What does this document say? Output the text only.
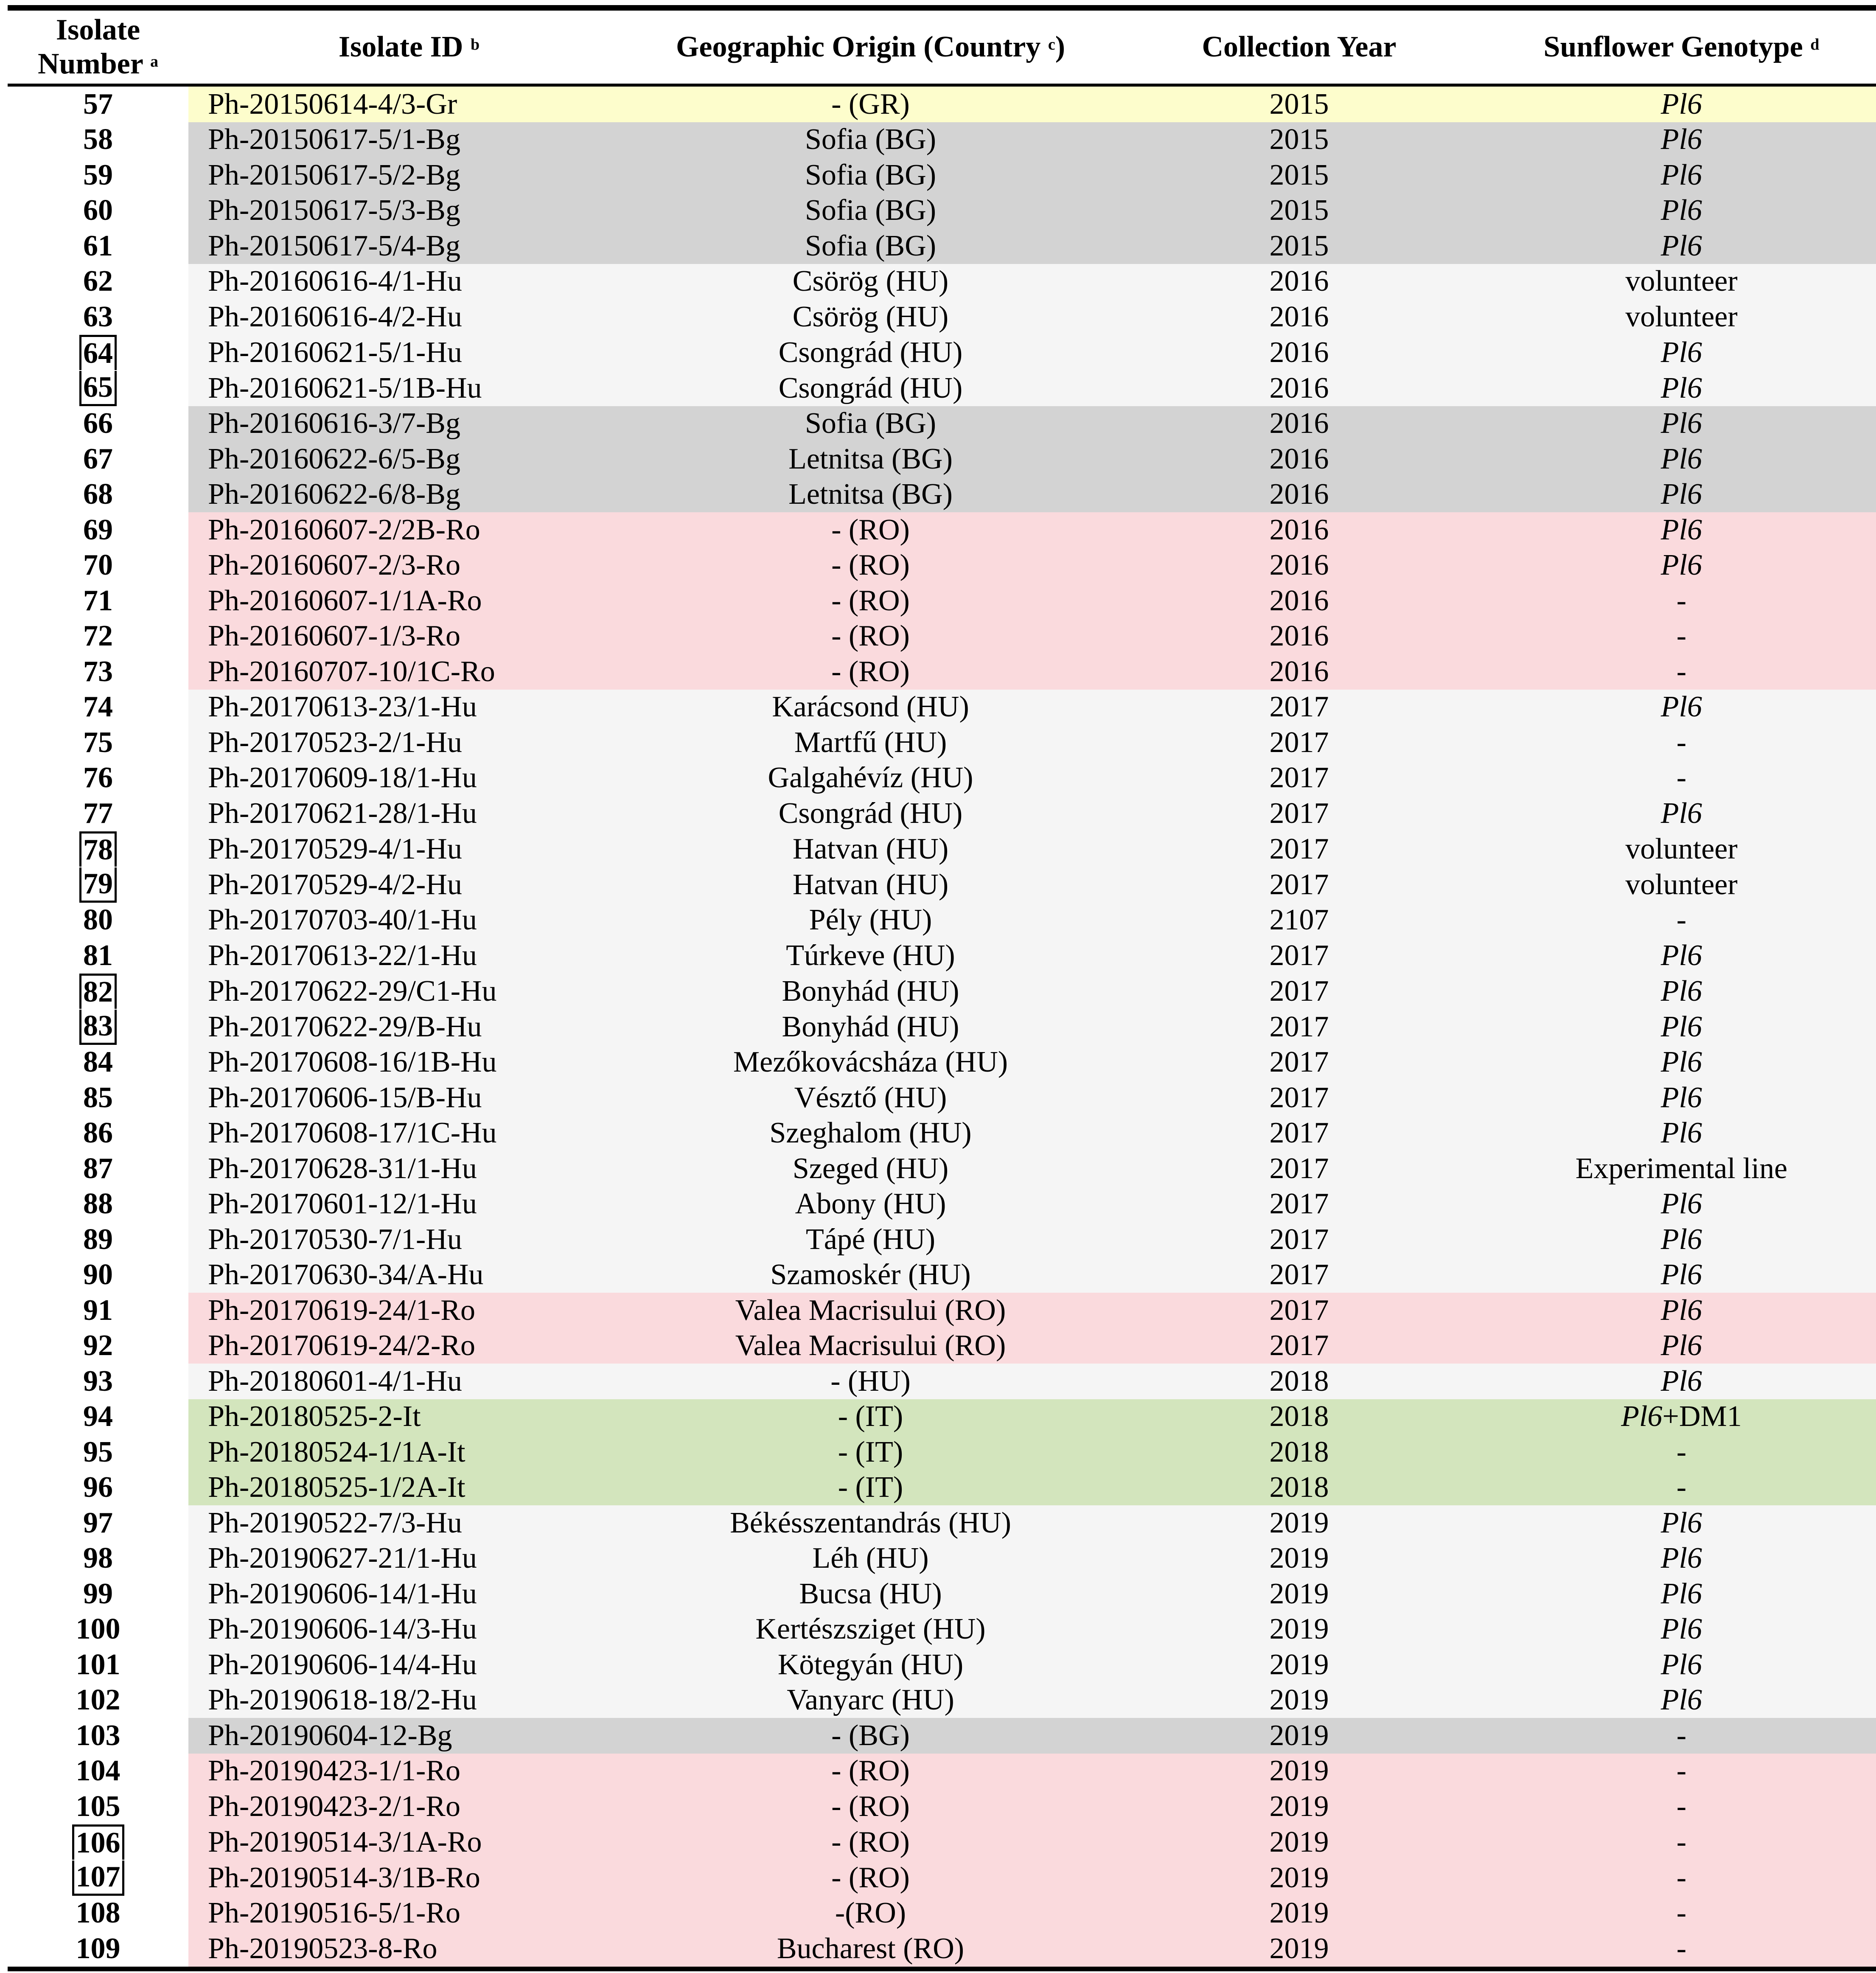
Isolate Number $^a$	Isolate ID $^b$	Geographic Origin (Country $^c$)	Collection Year	Sunflower Genotype $^d$
57	Ph-20150614-4/3-Gr	- (GR)	2015	Pl6
58	Ph-20150617-5/1-Bg	Sofia (BG)	2015	Pl6
59	Ph-20150617-5/2-Bg	Sofia (BG)	2015	Pl6
60	Ph-20150617-5/3-Bg	Sofia (BG)	2015	Pl6
61	Ph-20150617-5/4-Bg	Sofia (BG)	2015	Pl6
62	Ph-20160616-4/1-Hu	Csörög (HU)	2016	volunteer
63	Ph-20160616-4/2-Hu	Csörög (HU)	2016	volunteer
64	Ph-20160621-5/1-Hu	Csongrád (HU)	2016	Pl6
65	Ph-20160621-5/1B-Hu	Csongrád (HU)	2016	Pl6
66	Ph-20160616-3/7-Bg	Sofia (BG)	2016	Pl6
67	Ph-20160622-6/5-Bg	Letnitsa (BG)	2016	Pl6
68	Ph-20160622-6/8-Bg	Letnitsa (BG)	2016	Pl6
69	Ph-20160607-2/2B-Ro	- (RO)	2016	Pl6
70	Ph-20160607-2/3-Ro	- (RO)	2016	Pl6
71	Ph-20160607-1/1A-Ro	- (RO)	2016	-
72	Ph-20160607-1/3-Ro	- (RO)	2016	-
73	Ph-20160707-10/1C-Ro	- (RO)	2016	-
74	Ph-20170613-23/1-Hu	Karácsond (HU)	2017	Pl6
75	Ph-20170523-2/1-Hu	Martfű (HU)	2017	-
76	Ph-20170609-18/1-Hu	Galgahévíz (HU)	2017	-
77	Ph-20170621-28/1-Hu	Csongrád (HU)	2017	Pl6
78	Ph-20170529-4/1-Hu	Hatvan (HU)	2017	volunteer
79	Ph-20170529-4/2-Hu	Hatvan (HU)	2017	volunteer
80	Ph-20170703-40/1-Hu	Pély (HU)	2107	-
81	Ph-20170613-22/1-Hu	Túrkeve (HU)	2017	Pl6
82	Ph-20170622-29/C1-Hu	Bonyhád (HU)	2017	Pl6
83	Ph-20170622-29/B-Hu	Bonyhád (HU)	2017	Pl6
84	Ph-20170608-16/1B-Hu	Mezőkovácsháza (HU)	2017	Pl6
85	Ph-20170606-15/B-Hu	Vésztő (HU)	2017	Pl6
86	Ph-20170608-17/1C-Hu	Szeghalom (HU)	2017	Pl6
87	Ph-20170628-31/1-Hu	Szeged (HU)	2017	Experimental line
88	Ph-20170601-12/1-Hu	Abony (HU)	2017	Pl6
89	Ph-20170530-7/1-Hu	Tápé (HU)	2017	Pl6
90	Ph-20170630-34/A-Hu	Szamoskér (HU)	2017	Pl6
91	Ph-20170619-24/1-Ro	Valea Macrisului (RO)	2017	Pl6
92	Ph-20170619-24/2-Ro	Valea Macrisului (RO)	2017	Pl6
93	Ph-20180601-4/1-Hu	- (HU)	2018	Pl6
94	Ph-20180525-2-It	- (IT)	2018	Pl6+DM1
95	Ph-20180524-1/1A-It	- (IT)	2018	-
96	Ph-20180525-1/2A-It	- (IT)	2018	-
97	Ph-20190522-7/3-Hu	Békésszentandrás (HU)	2019	Pl6
98	Ph-20190627-21/1-Hu	Léh (HU)	2019	Pl6
99	Ph-20190606-14/1-Hu	Bucsa (HU)	2019	Pl6
100	Ph-20190606-14/3-Hu	Kertészsziget (HU)	2019	Pl6
101	Ph-20190606-14/4-Hu	Kötegyán (HU)	2019	Pl6
102	Ph-20190618-18/2-Hu	Vanyarc (HU)	2019	Pl6
103	Ph-20190604-12-Bg	- (BG)	2019	-
104	Ph-20190423-1/1-Ro	- (RO)	2019	-
105	Ph-20190423-2/1-Ro	- (RO)	2019	-
106	Ph-20190514-3/1A-Ro	- (RO)	2019	-
107	Ph-20190514-3/1B-Ro	- (RO)	2019	-
108	Ph-20190516-5/1-Ro	-(RO)	2019	-
109	Ph-20190523-8-Ro	Bucharest (RO)	2019	-
